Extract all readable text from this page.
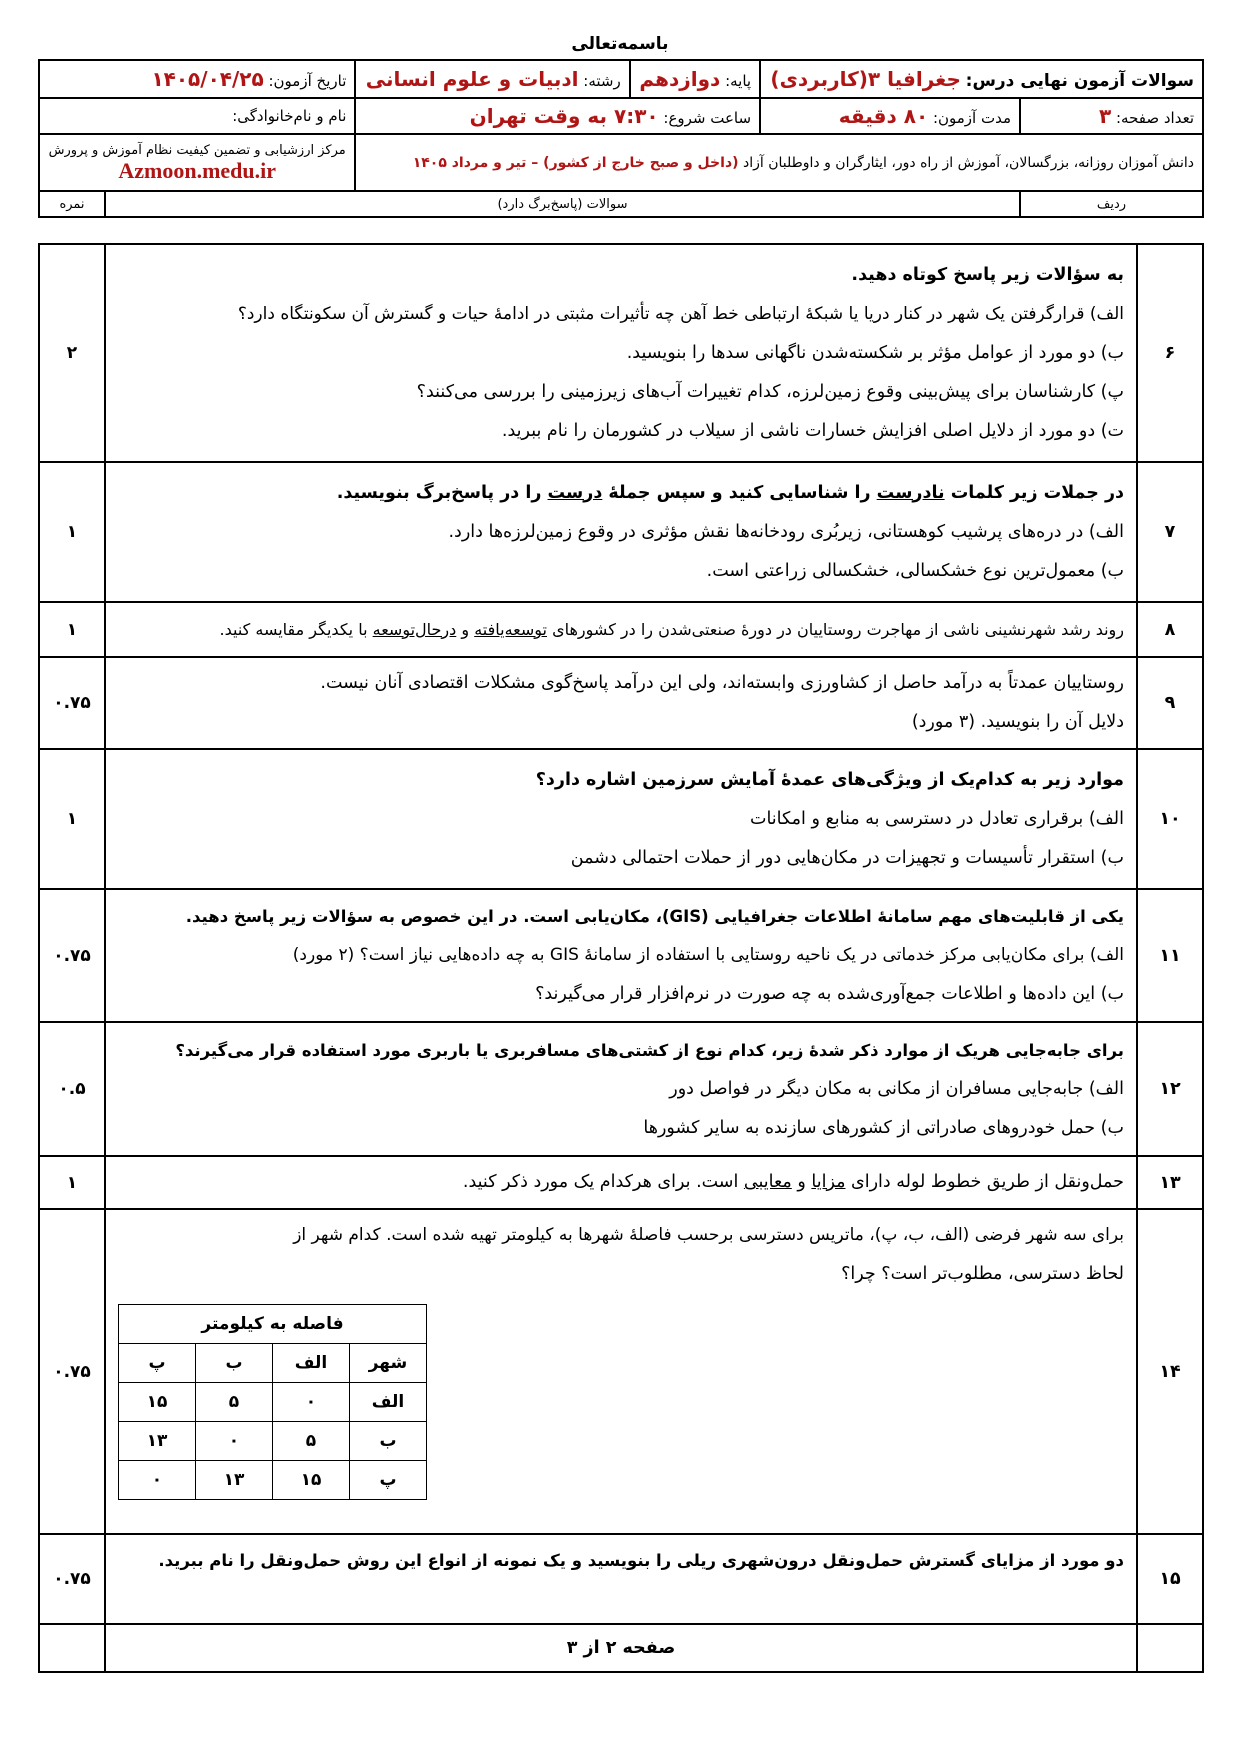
باسمه‌تعالی
سوالات آزمون نهایی درس: جغرافیا ۳(کاربردی)		پایه: دوازدهم	رشته: ادبیات و علوم انسانی	تاریخ آزمون: ۱۴۰۵/۰۴/۲۵	
تعداد صفحه: ۳	مدت آزمون: ۸۰ دقیقه	ساعت شروع: ۷:۳۰ به وقت تهران		نام و نام‌خانوادگی:	
دانش آموزان روزانه، بزرگسالان، آموزش از راه دور، ایثارگران و داوطلبان آزاد (داخل و صبح خارج از کشور) – تیر و مرداد ۱۴۰۵				مرکز ارزشیابی و تضمین کیفیت نظام آموزش و پرورش
Azmoon.medu.ir	

ردیف	سوالات (پاسخ‌برگ دارد)				نمره
۶	

به سؤالات زیر پاسخ کوتاه دهید.

الف) قرارگرفتن یک شهر در کنار دریا یا شبکهٔ ارتباطی خط آهن چه تأثیرات مثبتی در ادامهٔ حیات و گسترش آن سکونتگاه دارد؟

ب) دو مورد از عوامل مؤثر بر شکسته‌شدن ناگهانی سدها را بنویسید.

پ) کارشناسان برای پیش‌بینی وقوع زمین‌لرزه، کدام تغییرات آب‌های زیرزمینی را بررسی می‌کنند؟

ت) دو مورد از دلایل اصلی افزایش خسارات ناشی از سیلاب در کشورمان را نام ببرید.

	۲
۷	

در جملات زیر کلمات نادرست را شناسایی کنید و سپس جملهٔ درست را در پاسخ‌برگ بنویسید.

الف) در دره‌های پرشیب کوهستانی، زیربُری رودخانه‌ها نقش مؤثری در وقوع زمین‌لرزه‌ها دارد.

ب) معمول‌ترین نوع خشکسالی، خشکسالی زراعتی است.

	۱
۸	روند رشد شهرنشینی ناشی از مهاجرت روستاییان در دورهٔ صنعتی‌شدن را در کشورهای توسعه‌یافته و درحال‌توسعه با یکدیگر مقایسه کنید.	۱
۹	

روستاییان عمدتاً به درآمد حاصل از کشاورزی وابسته‌اند، ولی این درآمد پاسخ‌گوی مشکلات اقتصادی آنان نیست.

دلایل آن را بنویسید. (۳ مورد)

	۰.۷۵
۱۰	

موارد زیر به کدام‌یک از ویژگی‌های عمدهٔ آمایش سرزمین اشاره دارد؟

الف) برقراری تعادل در دسترسی به منابع و امکانات

ب) استقرار تأسیسات و تجهیزات در مکان‌هایی دور از حملات احتمالی دشمن

	۱
۱۱	

یکی از قابلیت‌های مهم سامانهٔ اطلاعات جغرافیایی (GIS)، مکان‌یابی است. در این خصوص به سؤالات زیر پاسخ دهید.

الف) برای مکان‌یابی مرکز خدماتی در یک ناحیه روستایی با استفاده از سامانهٔ GIS به چه داده‌هایی نیاز است؟ (۲ مورد)

ب) این داده‌ها و اطلاعات جمع‌آوری‌شده به چه صورت در نرم‌افزار قرار می‌گیرند؟

	۰.۷۵
۱۲	

برای جابه‌جایی هریک از موارد ذکر شدهٔ زیر، کدام نوع از کشتی‌های مسافربری یا باربری مورد استفاده قرار می‌گیرند؟

الف) جابه‌جایی مسافران از مکانی به مکان دیگر در فواصل دور

ب) حمل خودروهای صادراتی از کشورهای سازنده به سایر کشورها

	۰.۵
۱۳	حمل‌ونقل از طریق خطوط لوله دارای مزایا و معایبی است. برای هرکدام یک مورد ذکر کنید.	۱
۱۴	

برای سه شهر فرضی (الف، ب، پ)، ماتریس دسترسی برحسب فاصلهٔ شهرها به کیلومتر تهیه شده است. کدام شهر از

لحاظ دسترسی، مطلوب‌تر است؟ چرا؟

فاصله به کیلومتر
شهر	الف	ب	پ
الف	۰	۵	۱۵
ب	۵	۰	۱۳
پ	۱۵	۱۳	۰
	۰.۷۵
۱۵	

دو مورد از مزایای گسترش حمل‌ونقل درون‌شهری ریلی را بنویسید و یک نمونه از انواع این روش حمل‌ونقل را نام ببرید.

	۰.۷۵
	صفحه ۲ از ۳	
